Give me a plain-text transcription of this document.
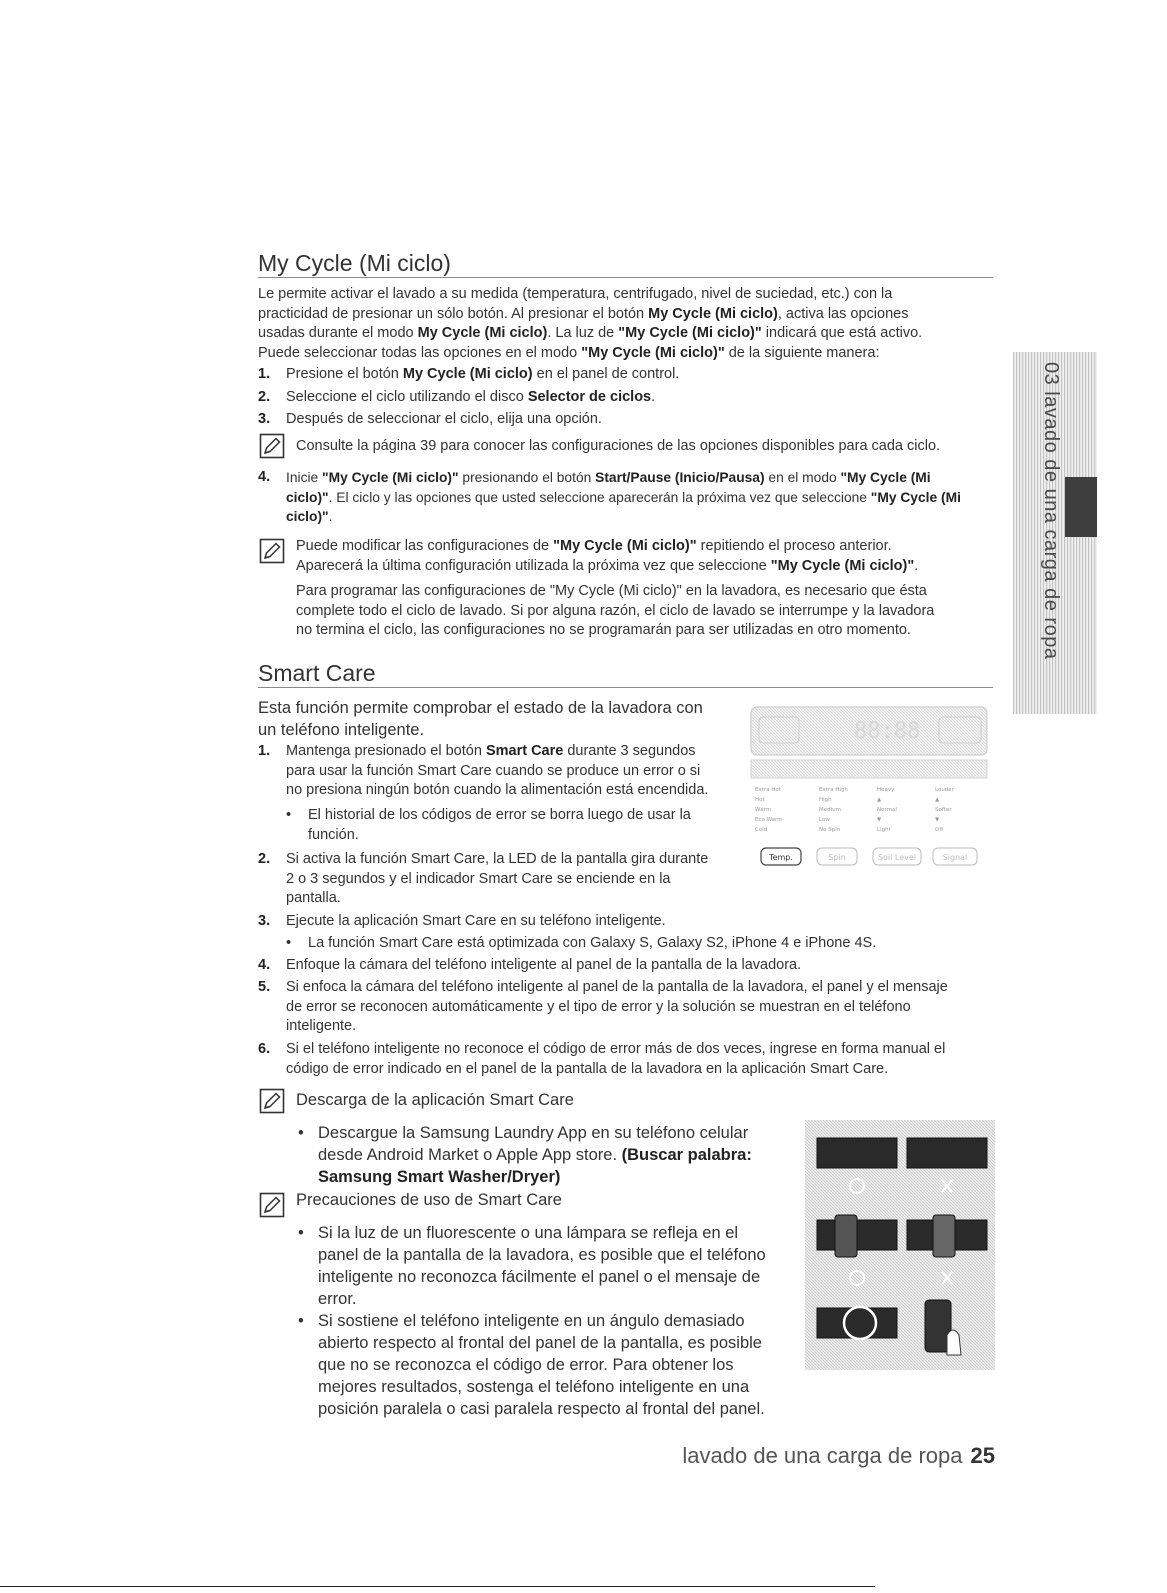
My Cycle (Mi ciclo)
Le permite activar el lavado a su medida (temperatura, centrifugado, nivel de suciedad, etc.) con la
practicidad de presionar un sólo botón. Al presionar el botón My Cycle (Mi ciclo), activa las opciones
usadas durante el modo My Cycle (Mi ciclo). La luz de "My Cycle (Mi ciclo)" indicará que está activo.
Puede seleccionar todas las opciones en el modo "My Cycle (Mi ciclo)" de la siguiente manera:
1. Presione el botón My Cycle (Mi ciclo) en el panel de control.
2. Seleccione el ciclo utilizando el disco Selector de ciclos.
3. Después de seleccionar el ciclo, elija una opción.
Consulte la página 39 para conocer las configuraciones de las opciones disponibles para cada ciclo.
4. Inicie "My Cycle (Mi ciclo)" presionando el botón Start/Pause (Inicio/Pausa) en el modo "My Cycle (Mi
ciclo)". El ciclo y las opciones que usted seleccione aparecerán la próxima vez que seleccione "My Cycle (Mi
ciclo)".
Puede modificar las configuraciones de "My Cycle (Mi ciclo)" repitiendo el proceso anterior.
Aparecerá la última configuración utilizada la próxima vez que seleccione "My Cycle (Mi ciclo)".
Para programar las configuraciones de "My Cycle (Mi ciclo)" en la lavadora, es necesario que ésta
complete todo el ciclo de lavado. Si por alguna razón, el ciclo de lavado se interrumpe y la lavadora
no termina el ciclo, las configuraciones no se programarán para ser utilizadas en otro momento.
Smart Care
Esta función permite comprobar el estado de la lavadora con
un teléfono inteligente.
1. Mantenga presionado el botón Smart Care durante 3 segundos
para usar la función Smart Care cuando se produce un error o si
no presiona ningún botón cuando la alimentación está encendida.
• El historial de los códigos de error se borra luego de usar la
función.
2. Si activa la función Smart Care, la LED de la pantalla gira durante
2 o 3 segundos y el indicador Smart Care se enciende en la
pantalla.
3. Ejecute la aplicación Smart Care en su teléfono inteligente.
• La función Smart Care está optimizada con Galaxy S, Galaxy S2, iPhone 4 e iPhone 4S.
4. Enfoque la cámara del teléfono inteligente al panel de la pantalla de la lavadora.
5. Si enfoca la cámara del teléfono inteligente al panel de la pantalla de la lavadora, el panel y el mensaje
de error se reconocen automáticamente y el tipo de error y la solución se muestran en el teléfono
inteligente.
6. Si el teléfono inteligente no reconoce el código de error más de dos veces, ingrese en forma manual el
código de error indicado en el panel de la pantalla de la lavadora en la aplicación Smart Care.
Descarga de la aplicación Smart Care
• Descargue la Samsung Laundry App en su teléfono celular
desde Android Market o Apple App store. (Buscar palabra:
Samsung Smart Washer/Dryer)
Precauciones de uso de Smart Care
• Si la luz de un fluorescente o una lámpara se refleja en el
panel de la pantalla de la lavadora, es posible que el teléfono
inteligente no reconozca fácilmente el panel o el mensaje de
error.
• Si sostiene el teléfono inteligente en un ángulo demasiado
abierto respecto al frontal del panel de la pantalla, es posible
que no se reconozca el código de error. Para obtener los
mejores resultados, sostenga el teléfono inteligente en una
posición paralela o casi paralela respecto al frontal del panel.
88:88
Extra Hot
Hot
Warm
Eco Warm
Cold
Extra High
High
Medium
Low
No Spin
Heavy
▲
Normal
▼
Light
Louder
▲
Softer
▼
Off
Temp.	Spin	Soil Level	Signal
03 lavado de una carga de ropa
lavado de una carga de ropa 25
